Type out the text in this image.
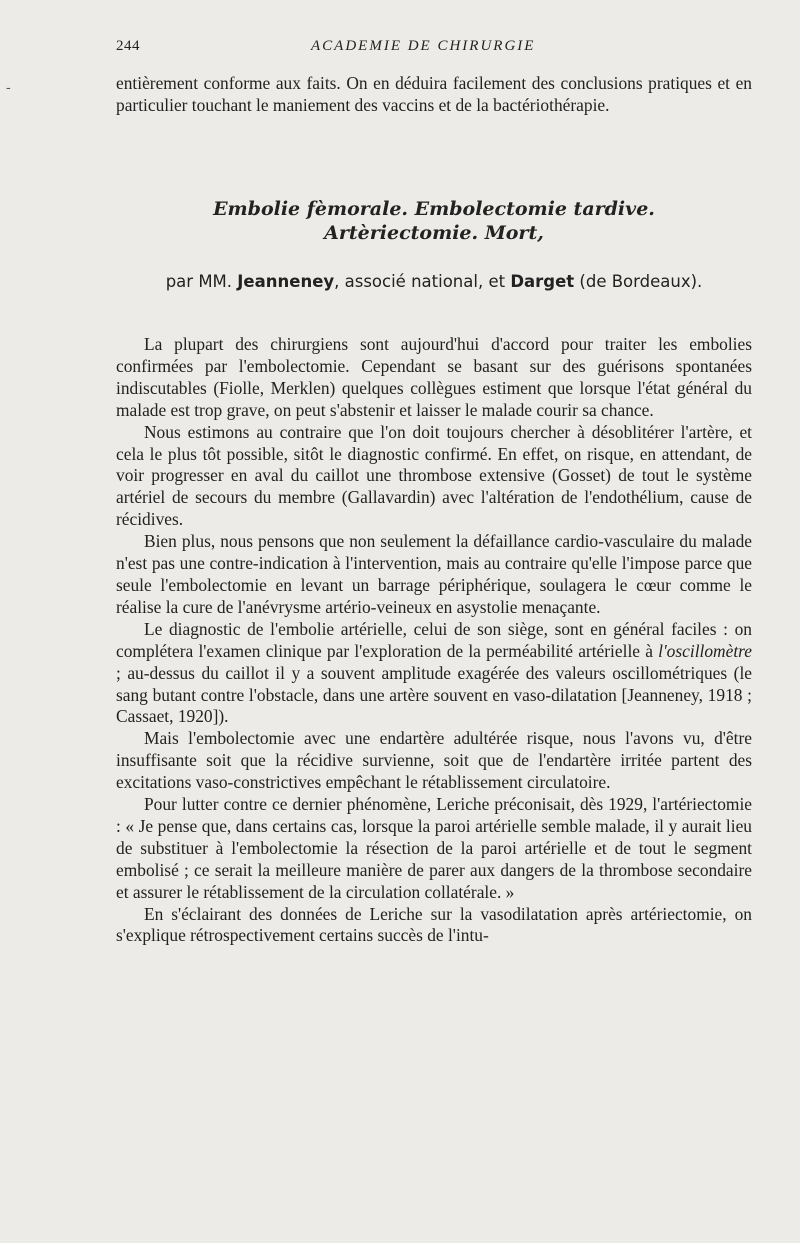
244	ACADEMIE DE CHIRURGIE
-	entièrement conforme aux faits. On en déduira facilement des conclusions pratiques et en particulier touchant le maniement des vaccins et de la bactériothérapie.

Embolie fèmorale. Embolectomie tardive.
Artèriectomie. Mort,

par MM. Jeanneney, associé national, et Darget (de Bordeaux).

La plupart des chirurgiens sont aujourd'hui d'accord pour traiter les embolies confirmées par l'embolectomie. Cependant se basant sur des guérisons spontanées indiscutables (Fiolle, Merklen) quelques collègues estiment que lorsque l'état général du malade est trop grave, on peut s'abstenir et laisser le malade courir sa chance.

Nous estimons au contraire que l'on doit toujours chercher à désoblitérer l'artère, et cela le plus tôt possible, sitôt le diagnostic confirmé. En effet, on risque, en attendant, de voir progresser en aval du caillot une thrombose extensive (Gosset) de tout le système artériel de secours du membre (Gallavardin) avec l'altération de l'endothélium, cause de récidives.

Bien plus, nous pensons que non seulement la défaillance cardio-vasculaire du malade n'est pas une contre-indication à l'intervention, mais au contraire qu'elle l'impose parce que seule l'embolectomie en levant un barrage périphérique, soulagera le cœur comme le réalise la cure de l'anévrysme artério-veineux en asystolie menaçante.

Le diagnostic de l'embolie artérielle, celui de son siège, sont en général faciles : on complétera l'examen clinique par l'exploration de la perméabilité artérielle à l'oscillomètre ; au-dessus du caillot il y a souvent amplitude exagérée des valeurs oscillométriques (le sang butant contre l'obstacle, dans une artère souvent en vaso-dilatation [Jeanneney, 1918 ; Cassaet, 1920]).

Mais l'embolectomie avec une endartère adultérée risque, nous l'avons vu, d'être insuffisante soit que la récidive survienne, soit que de l'endartère irritée partent des excitations vaso-constrictives empêchant le rétablissement circulatoire.

Pour lutter contre ce dernier phénomène, Leriche préconisait, dès 1929, l'artériectomie : « Je pense que, dans certains cas, lorsque la paroi artérielle semble malade, il y aurait lieu de substituer à l'embolectomie la résection de la paroi artérielle et de tout le segment embolisé ; ce serait la meilleure manière de parer aux dangers de la thrombose secondaire et assurer le rétablissement de la circulation collatérale. »

En s'éclairant des données de Leriche sur la vasodilatation après artériectomie, on s'explique rétrospectivement certains succès de l'intu-
